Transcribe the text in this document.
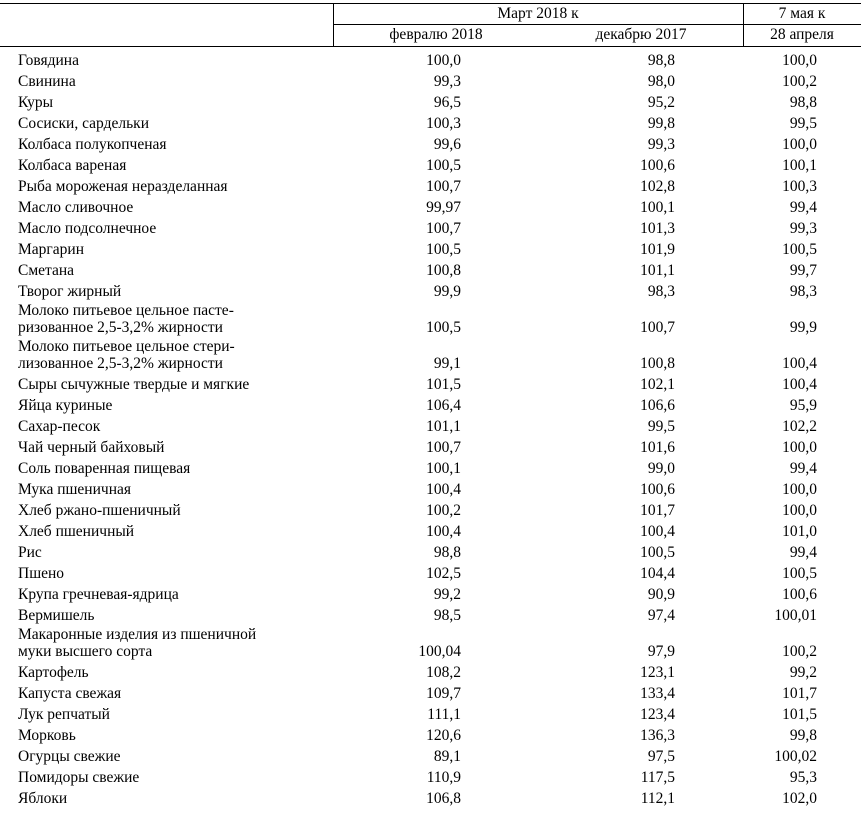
Март 2018 к	7 мая к
февралю 2018	декабрю 2017	28 апреля
Говядина	100,0	98,8	100,0
Свинина	99,3	98,0	100,2
Куры	96,5	95,2	98,8
Сосиски, сардельки	100,3	99,8	99,5
Колбаса полукопченая	99,6	99,3	100,0
Колбаса вареная	100,5	100,6	100,1
Рыба мороженая неразделанная	100,7	102,8	100,3
Масло сливочное	99,97	100,1	99,4
Масло подсолнечное	100,7	101,3	99,3
Маргарин	100,5	101,9	100,5
Сметана	100,8	101,1	99,7
Творог жирный	99,9	98,3	98,3
Молоко питьевое цельное пасте-
ризованное 2,5-3,2% жирности	100,5	100,7	99,9
Молоко питьевое цельное стери-
лизованное 2,5-3,2% жирности	99,1	100,8	100,4
Сыры сычужные твердые и мягкие	101,5	102,1	100,4
Яйца куриные	106,4	106,6	95,9
Сахар-песок	101,1	99,5	102,2
Чай черный байховый	100,7	101,6	100,0
Соль поваренная пищевая	100,1	99,0	99,4
Мука пшеничная	100,4	100,6	100,0
Хлеб ржано-пшеничный	100,2	101,7	100,0
Хлеб пшеничный	100,4	100,4	101,0
Рис	98,8	100,5	99,4
Пшено	102,5	104,4	100,5
Крупа гречневая-ядрица	99,2	90,9	100,6
Вермишель	98,5	97,4	100,01
Макаронные изделия из пшеничной
муки высшего сорта	100,04	97,9	100,2
Картофель	108,2	123,1	99,2
Капуста свежая	109,7	133,4	101,7
Лук репчатый	111,1	123,4	101,5
Морковь	120,6	136,3	99,8
Огурцы свежие	89,1	97,5	100,02
Помидоры свежие	110,9	117,5	95,3
Яблоки	106,8	112,1	102,0
